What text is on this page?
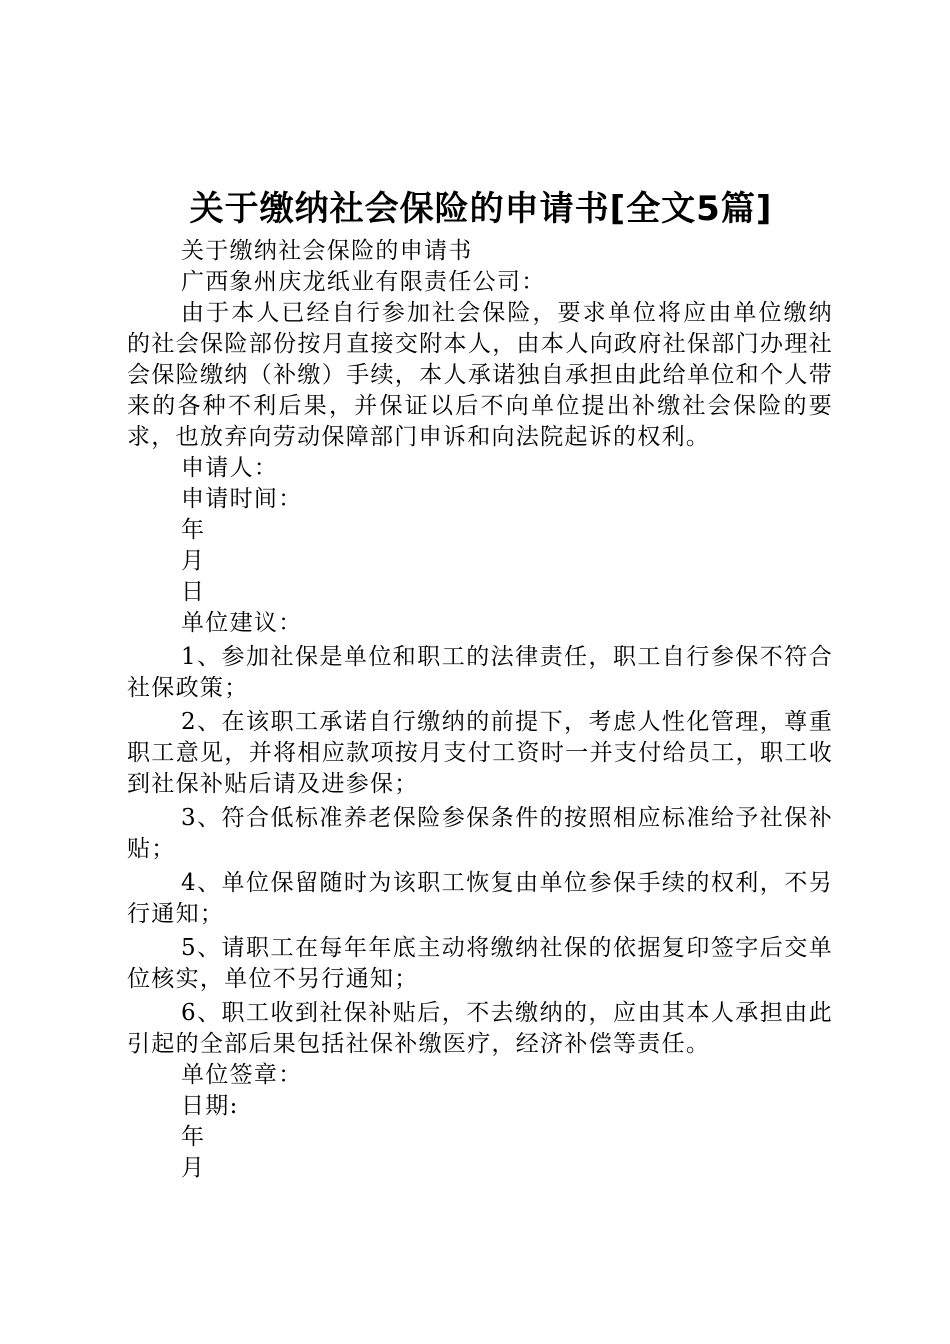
关于缴纳社会保险的申请书[全文5篇]

关于缴纳社会保险的申请书

广西象州庆龙纸业有限责任公司：

由于本人已经自行参加社会保险，要求单位将应由单位缴纳的社会保险部份按月直接交附本人，由本人向政府社保部门办理社会保险缴纳（补缴）手续，本人承诺独自承担由此给单位和个人带来的各种不利后果，并保证以后不向单位提出补缴社会保险的要求，也放弃向劳动保障部门申诉和向法院起诉的权利。

申请人：

申请时间：

年

月

日

单位建议：

1、参加社保是单位和职工的法律责任，职工自行参保不符合社保政策；

2、在该职工承诺自行缴纳的前提下，考虑人性化管理，尊重职工意见，并将相应款项按月支付工资时一并支付给员工，职工收到社保补贴后请及进参保；

3、符合低标准养老保险参保条件的按照相应标准给予社保补贴；

4、单位保留随时为该职工恢复由单位参保手续的权利，不另行通知；

5、请职工在每年年底主动将缴纳社保的依据复印签字后交单位核实，单位不另行通知；

6、职工收到社保补贴后，不去缴纳的，应由其本人承担由此引起的全部后果包括社保补缴医疗，经济补偿等责任。

单位签章：

日期:

年

月
